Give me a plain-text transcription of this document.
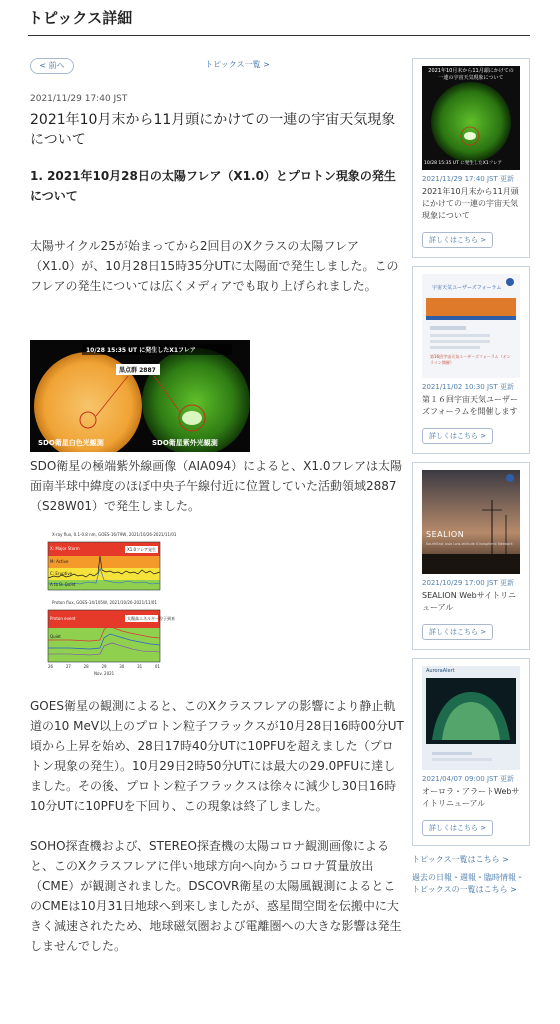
トピックス詳細
< 前へ	トピックス一覧 >
2021/11/29 17:40 JST
2021年10月末から11月頭にかけての一連の宇宙天気現象について
1. 2021年10月28日の太陽フレア（X1.0）とプロトン現象の発生について

太陽サイクル25が始まってから2回目のXクラスの太陽フレア（X1.0）が、10月28日15時35分UTに太陽面で発生しました。このフレアの発生については広くメディアでも取り上げられました。

10/28 15:35 UT に発生したX1フレア
黒点群 2887
SDO衛星白色光観測	SDO衛星紫外光観測

SDO衛星の極端紫外線画像（AIA094）によると、X1.0フレアは太陽面南半球中緯度のほぼ中央子午線付近に位置していた活動領域2887（S28W01）で発生しました。

X-ray flux, 0.1-0.8 nm, GOES-16/79W, 2021/10/26-2021/11/01
X1.0フレア発生
X: Major Storm
M: Active
C: Eruptive
A to B: Quiet
Proton flux, GOES-14/105W, 2021/10/26-2021/11/01
太陽高エネルギー粒子到来
Proton event
Quiet
26	27	28	29	30	31	01
Nov. 2021

GOES衛星の観測によると、このXクラスフレアの影響により静止軌道の10 MeV以上のプロトン粒子フラックスが10月28日16時00分UT頃から上昇を始め、28日17時40分UTに10PFUを超えました（プロトン現象の発生）。10月29日2時50分UTには最大の29.0PFUに達しました。その後、プロトン粒子フラックスは徐々に減少し30日16時10分UTに10PFUを下回り、この現象は終了しました。

SOHO探査機および、STEREO探査機の太陽コロナ観測画像によると、このXクラスフレアに伴い地球方向へ向かうコロナ質量放出（CME）が観測されました。DSCOVR衛星の太陽風観測によるとこのCMEは10月31日地球へ到来しましたが、惑星間空間を伝搬中に大きく減速されたため、地球磁気圏および電離圏への大きな影響は発生しませんでした。

2021年10月末から11月頭にかけての一連の宇宙天気現象について
10/28 15:35 UT に発生したX1フレア
2021/11/29 17:40 JST 更新
2021年10月末から11月頭にかけての一連の宇宙天気現象について
詳しくはこちら >
宇宙天気ユーザーズフォーラム
第16回宇宙天気ユーザーズフォーラム（オンライン開催）
2021/11/02 10:30 JST 更新
第１６回宇宙天気ユーザーズフォーラムを開催します
詳しくはこちら >
SEALION
SouthEast Asia Low-latitude IOnospheric Network
2021/10/29 17:00 JST 更新
SEALION Webサイトリニューアル
詳しくはこちら >
AuroraAlert
2021/04/07 09:00 JST 更新
オーロラ・アラートWebサイトリニューアル
詳しくはこちら >
トピックス一覧はこちら >
過去の日報・週報・臨時情報・トピックスの一覧はこちら >
